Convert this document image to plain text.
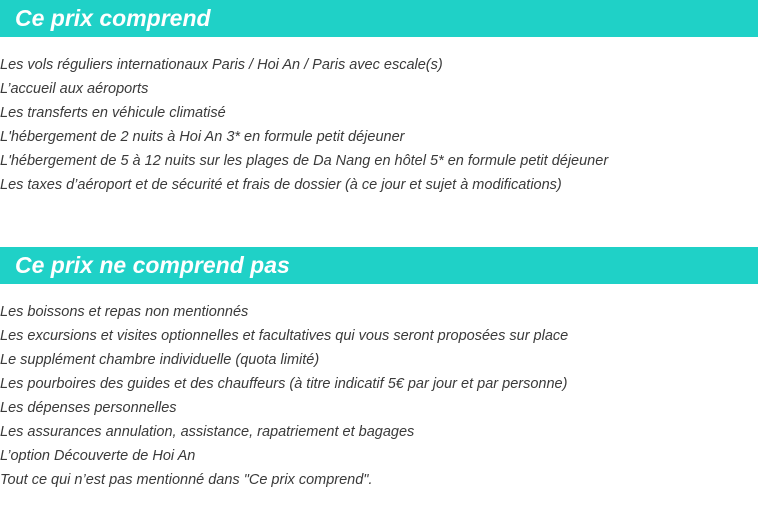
Ce prix comprend
Les vols réguliers internationaux Paris / Hoi An / Paris avec escale(s)
L’accueil aux aéroports
Les transferts en véhicule climatisé
L'hébergement de 2 nuits à Hoi An 3* en formule petit déjeuner
L'hébergement de 5 à 12 nuits sur les plages de Da Nang en hôtel 5* en formule petit déjeuner
Les taxes d’aéroport et de sécurité et frais de dossier (à ce jour et sujet à modifications)
Ce prix ne comprend pas
Les boissons et repas non mentionnés
Les excursions et visites optionnelles et facultatives qui vous seront proposées sur place
Le supplément chambre individuelle (quota limité)
Les pourboires des guides et des chauffeurs (à titre indicatif 5€ par jour et par personne)
Les dépenses personnelles
Les assurances annulation, assistance, rapatriement et bagages
L’option Découverte de Hoi An
Tout ce qui n’est pas mentionné dans "Ce prix comprend".
